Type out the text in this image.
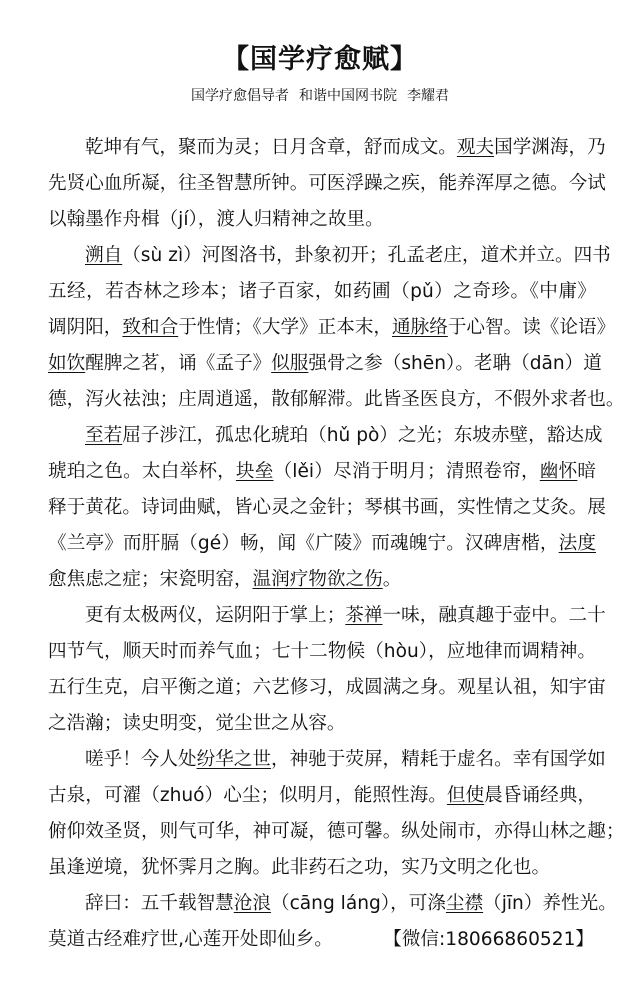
【国学疗愈赋】
国学疗愈倡导者 和谐中国网书院 李耀君
乾坤有气，聚而为灵；日月含章，舒而成文。观夫国学渊海，乃
先贤心血所凝，往圣智慧所钟。可医浮躁之疾，能养浑厚之德。今试
以翰墨作舟楫（jí），渡人归精神之故里。
溯自（sù zì）河图洛书，卦象初开；孔孟老庄，道术并立。四书
五经，若杏林之珍本；诸子百家，如药圃（pǔ）之奇珍。《中庸》
调阴阳，致和合于性情；《大学》正本末，通脉络于心智。读《论语》
如饮醒脾之茗，诵《孟子》似服强骨之参（shēn）。老聃（dān）道
德，泻火祛浊；庄周逍遥，散郁解滞。此皆圣医良方，不假外求者也。
至若屈子涉江，孤忠化琥珀（hǔ pò）之光；东坡赤壁，豁达成
琥珀之色。太白举杯，块垒（lěi）尽消于明月；清照卷帘，幽怀暗
释于黄花。诗词曲赋，皆心灵之金针；琴棋书画，实性情之艾灸。展
《兰亭》而肝膈（gé）畅，闻《广陵》而魂魄宁。汉碑唐楷，法度
愈焦虑之症；宋瓷明窑，温润疗物欲之伤。
更有太极两仪，运阴阳于掌上；茶禅一味，融真趣于壶中。二十
四节气，顺天时而养气血；七十二物候（hòu），应地律而调精神。
五行生克，启平衡之道；六艺修习，成圆满之身。观星认祖，知宇宙
之浩瀚；读史明变，觉尘世之从容。
嗟乎！今人处纷华之世，神驰于荧屏，精耗于虚名。幸有国学如
古泉，可濯（zhuó）心尘；似明月，能照性海。但使晨昏诵经典，
俯仰效圣贤，则气可华，神可凝，德可馨。纵处闹市，亦得山林之趣；
虽逢逆境，犹怀霁月之胸。此非药石之功，实乃文明之化也。
辞曰：五千载智慧沧浪（cāng láng），可涤尘襟（jīn）养性光。
莫道古经难疗世,心莲开处即仙乡。	【微信:18066860521】
